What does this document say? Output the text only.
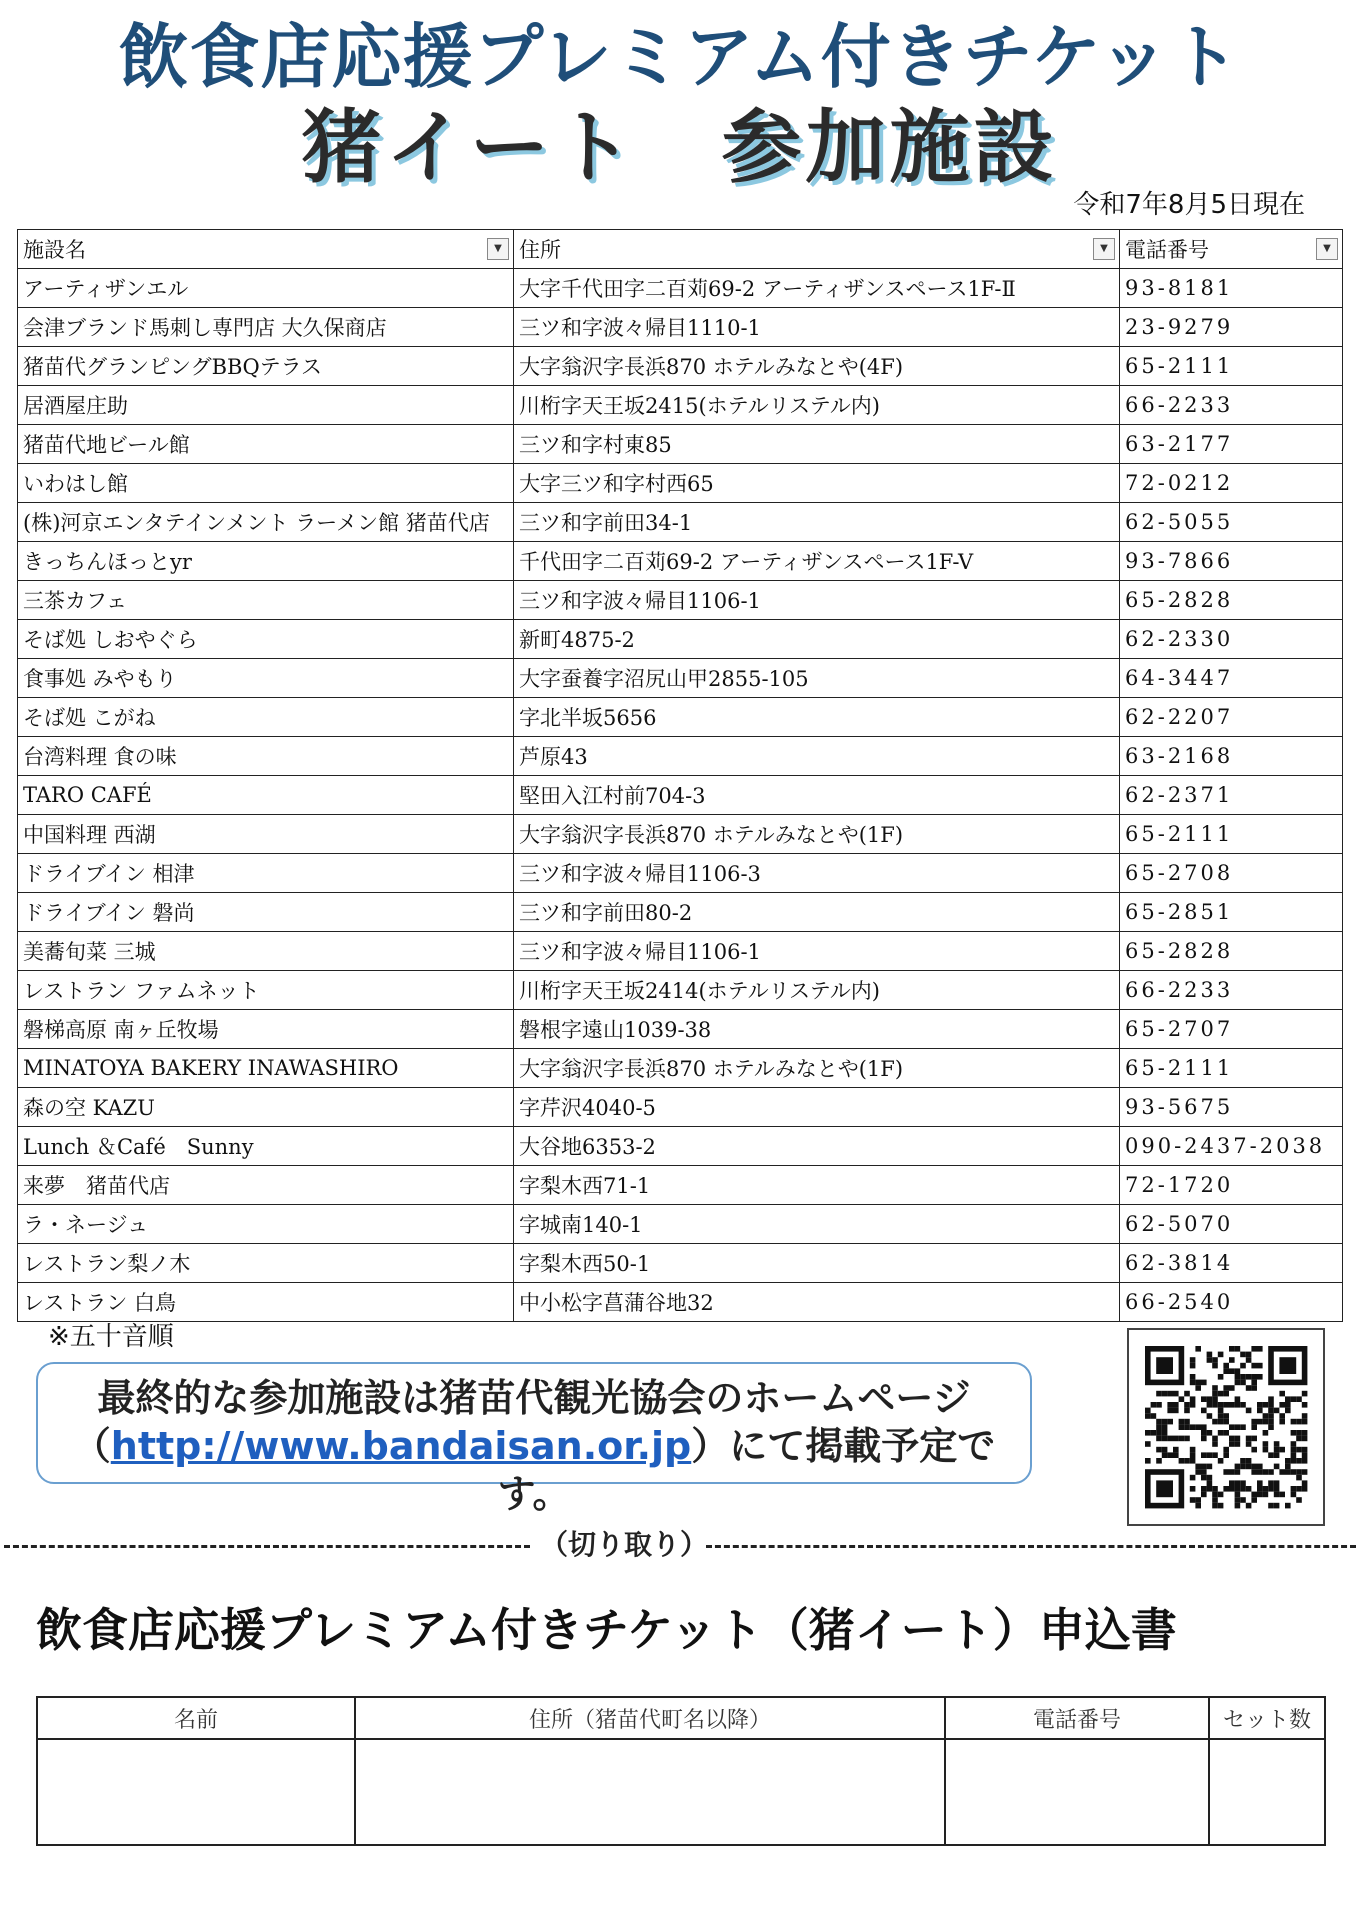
飲食店応援プレミアム付きチケット
猪イート　参加施設
令和7年8月5日現在
施設名 ▼	住所 ▼	電話番号 ▼

アーティザンエル	大字千代田字二百苅69-2 アーティザンスペース1F-Ⅱ	93-8181
会津ブランド馬刺し専門店 大久保商店	三ツ和字波々帰目1110-1	23-9279
猪苗代グランピングBBQテラス	大字翁沢字長浜870 ホテルみなとや(4F)	65-2111
居酒屋庄助	川桁字天王坂2415(ホテルリステル内)	66-2233
猪苗代地ビール館	三ツ和字村東85	63-2177
いわはし館	大字三ツ和字村西65	72-0212
(株)河京エンタテインメント ラーメン館 猪苗代店	三ツ和字前田34-1	62-5055
きっちんほっとyr	千代田字二百苅69-2 アーティザンスペース1F-V	93-7866
三茶カフェ	三ツ和字波々帰目1106-1	65-2828
そば処 しおやぐら	新町4875-2	62-2330
食事処 みやもり	大字蚕養字沼尻山甲2855-105	64-3447
そば処 こがね	字北半坂5656	62-2207
台湾料理 食の味	芦原43	63-2168
TARO CAFÉ	堅田入江村前704-3	62-2371
中国料理 西湖	大字翁沢字長浜870 ホテルみなとや(1F)	65-2111
ドライブイン 相津	三ツ和字波々帰目1106-3	65-2708
ドライブイン 磐尚	三ツ和字前田80-2	65-2851
美蕎旬菜 三城	三ツ和字波々帰目1106-1	65-2828
レストラン ファムネット	川桁字天王坂2414(ホテルリステル内)	66-2233
磐梯高原 南ヶ丘牧場	磐根字遠山1039-38	65-2707
MINATOYA BAKERY INAWASHIRO	大字翁沢字長浜870 ホテルみなとや(1F)	65-2111
森の空 KAZU	字芹沢4040-5	93-5675
Lunch ＆Café　Sunny	大谷地6353-2	090-2437-2038
来夢　猪苗代店	字梨木西71-1	72-1720
ラ・ネージュ	字城南140-1	62-5070
レストラン梨ノ木	字梨木西50-1	62-3814
レストラン 白鳥	中小松字菖蒲谷地32	66-2540
※五十音順
最終的な参加施設は猪苗代観光協会のホームページ
（http://www.bandaisan.or.jp）にて掲載予定です。
（切り取り）
飲食店応援プレミアム付きチケット（猪イート）申込書
名前	住所（猪苗代町名以降）	電話番号	セット数
